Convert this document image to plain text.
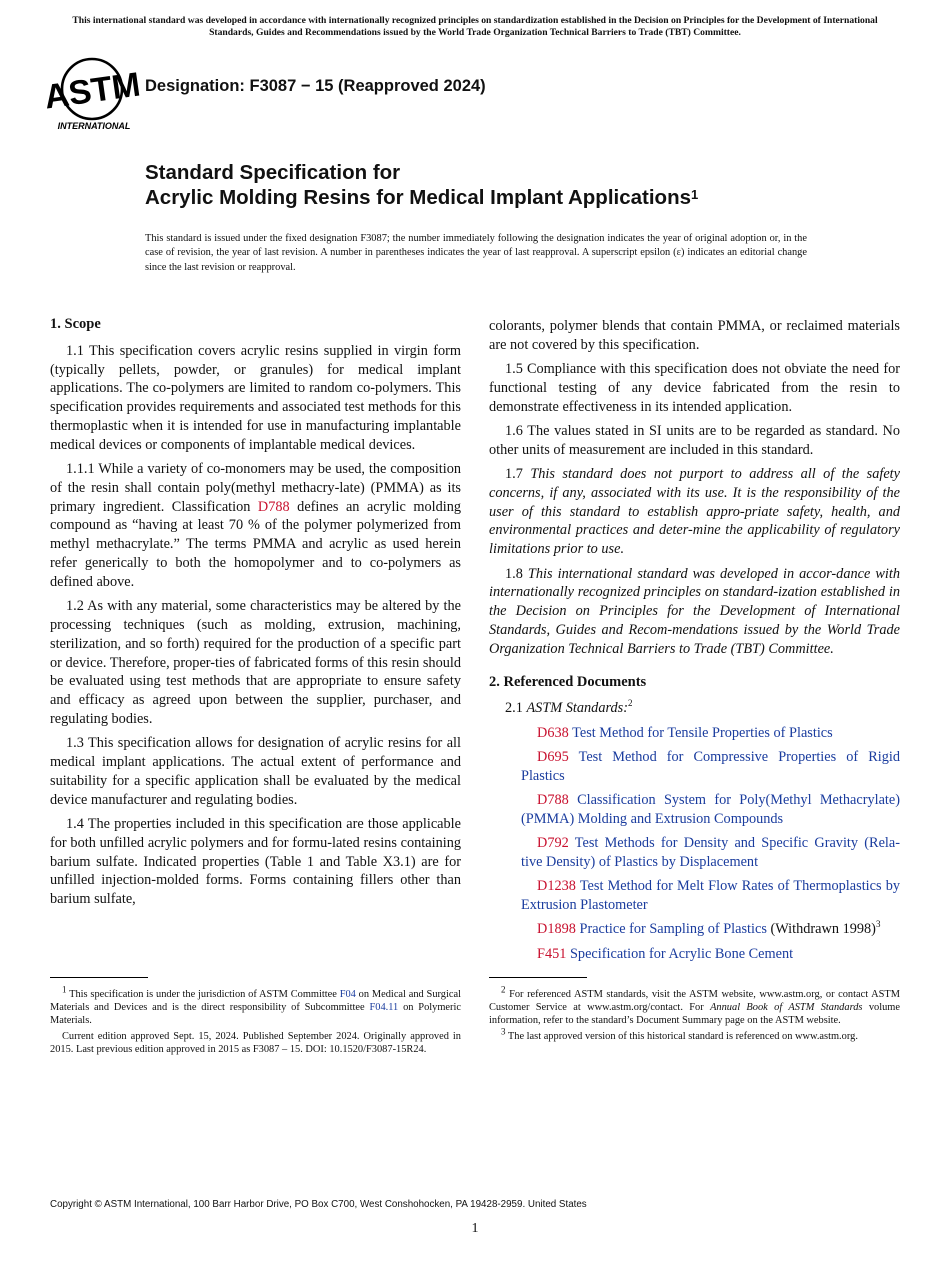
This international standard was developed in accordance with internationally recognized principles on standardization established in the Decision on Principles for the Development of International Standards, Guides and Recommendations issued by the World Trade Organization Technical Barriers to Trade (TBT) Committee.
ASTM
INTERNATIONAL
Designation: F3087 − 15 (Reapproved 2024)
Standard Specification for
Acrylic Molding Resins for Medical Implant Applications$^1$
This standard is issued under the fixed designation F3087; the number immediately following the designation indicates the year of original adoption or, in the case of revision, the year of last revision. A number in parentheses indicates the year of last reapproval. A superscript epsilon (ε) indicates an editorial change since the last revision or reapproval.
1. Scope

1.1 This specification covers acrylic resins supplied in virgin form (typically pellets, powder, or granules) for medical implant applications. The co-polymers are limited to random co-polymers. This specification provides requirements and associated test methods for this thermoplastic when it is intended for use in manufacturing implantable medical devices or components of implantable medical devices.

1.1.1 While a variety of co-monomers may be used, the composition of the resin shall contain poly(methyl methacry-late) (PMMA) as its primary ingredient. Classification D788 defines an acrylic molding compound as “having at least 70 % of the polymer polymerized from methyl methacrylate.” The terms PMMA and acrylic as used herein refer generically to both the homopolymer and to co-polymers as defined above.

1.2 As with any material, some characteristics may be altered by the processing techniques (such as molding, extrusion, machining, sterilization, and so forth) required for the production of a specific part or device. Therefore, proper-ties of fabricated forms of this resin should be evaluated using test methods that are appropriate to ensure safety and efficacy as agreed upon between the supplier, purchaser, and regulating bodies.

1.3 This specification allows for designation of acrylic resins for all medical implant applications. The actual extent of performance and suitability for a specific application shall be evaluated by the medical device manufacturer and regulating bodies.

1.4 The properties included in this specification are those applicable for both unfilled acrylic polymers and for formu-lated resins containing barium sulfate. Indicated properties (Table 1 and Table X3.1) are for unfilled injection-molded forms. Forms containing fillers other than barium sulfate,

colorants, polymer blends that contain PMMA, or reclaimed materials are not covered by this specification.

1.5 Compliance with this specification does not obviate the need for functional testing of any device fabricated from the resin to demonstrate effectiveness in its intended application.

1.6 The values stated in SI units are to be regarded as standard. No other units of measurement are included in this standard.

1.7 This standard does not purport to address all of the safety concerns, if any, associated with its use. It is the responsibility of the user of this standard to establish appro-priate safety, health, and environmental practices and deter-mine the applicability of regulatory limitations prior to use.

1.8 This international standard was developed in accor-dance with internationally recognized principles on standard-ization established in the Decision on Principles for the Development of International Standards, Guides and Recom-mendations issued by the World Trade Organization Technical Barriers to Trade (TBT) Committee.

2. Referenced Documents

2.1 ASTM Standards:$^2$

D638 Test Method for Tensile Properties of Plastics

D695 Test Method for Compressive Properties of Rigid Plastics

D788 Classification System for Poly(Methyl Methacrylate) (PMMA) Molding and Extrusion Compounds

D792 Test Methods for Density and Specific Gravity (Rela-tive Density) of Plastics by Displacement

D1238 Test Method for Melt Flow Rates of Thermoplastics by Extrusion Plastometer

D1898 Practice for Sampling of Plastics (Withdrawn 1998)$^3$

F451 Specification for Acrylic Bone Cement

1 This specification is under the jurisdiction of ASTM Committee F04 on Medical and Surgical Materials and Devices and is the direct responsibility of Subcommittee F04.11 on Polymeric Materials.

Current edition approved Sept. 15, 2024. Published September 2024. Originally approved in 2015. Last previous edition approved in 2015 as F3087 – 15. DOI: 10.1520/F3087-15R24.

2 For referenced ASTM standards, visit the ASTM website, www.astm.org, or contact ASTM Customer Service at www.astm.org/contact. For Annual Book of ASTM Standards volume information, refer to the standard’s Document Summary page on the ASTM website.

3 The last approved version of this historical standard is referenced on www.astm.org.

Copyright © ASTM International, 100 Barr Harbor Drive, PO Box C700, West Conshohocken, PA 19428-2959. United States
1
